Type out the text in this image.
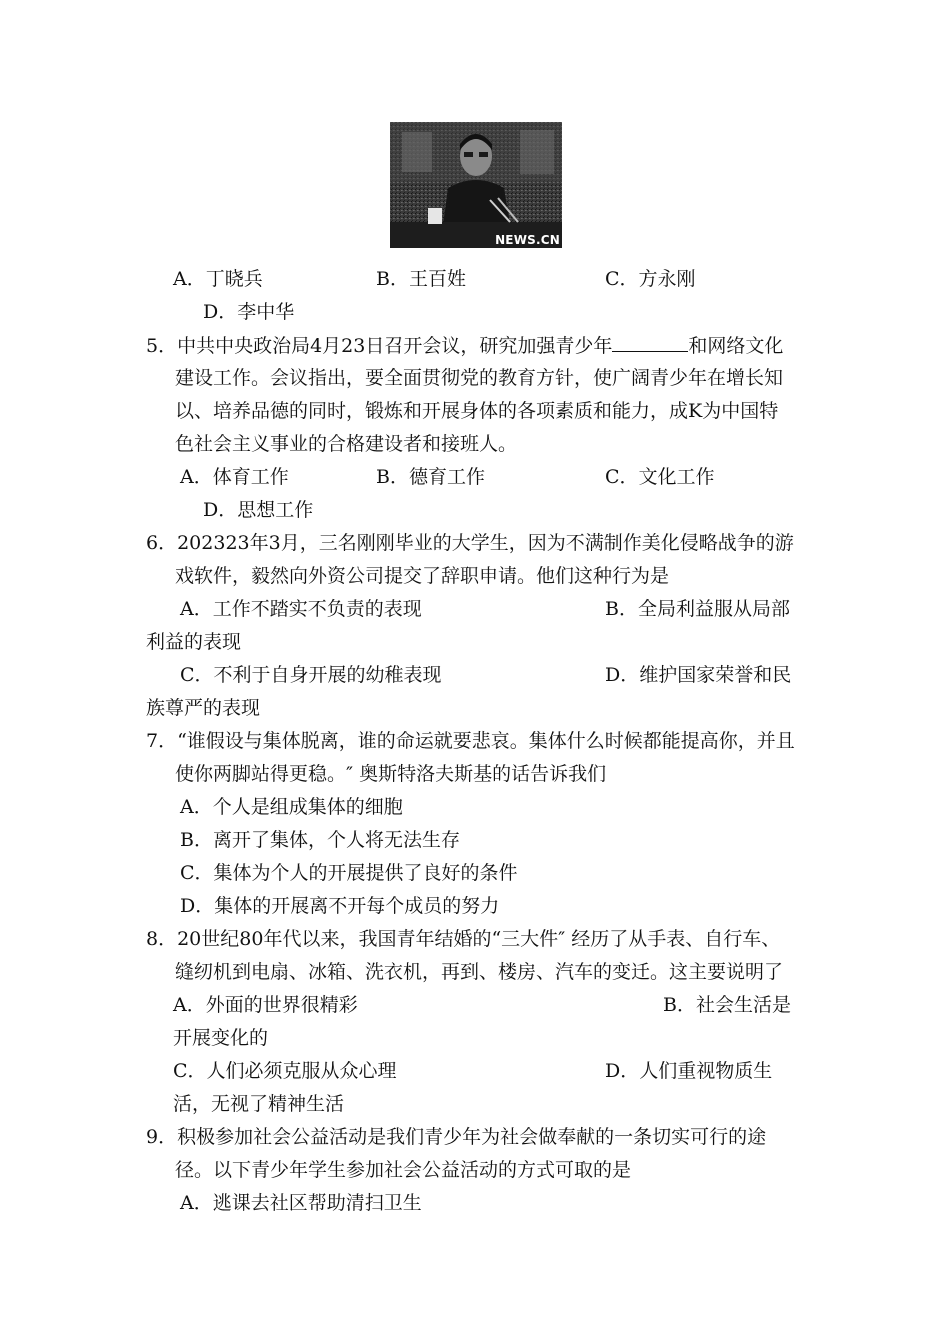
NEWS.CN
A．丁晓兵	B．王百姓	C．方永刚
D．李中华
5．中共中央政治局4月23日召开会议，研究加强青少年	和网络文化
建设工作。会议指出，要全面贯彻党的教育方针，使广阔青少年在增长知
以、培养品德的同时，锻炼和开展身体的各项素质和能力，成K为中国特
色社会主义事业的合格建设者和接班人。
A．体育工作	B．德育工作	C．文化工作
D．思想工作
6．202323年3月，三名刚刚毕业的大学生，因为不满制作美化侵略战争的游
戏软件，毅然向外资公司提交了辞职申请。他们这种行为是
A．工作不踏实不负责的表现	B．全局利益服从局部
利益的表现
C．不利于自身开展的幼稚表现	D．维护国家荣誉和民
族尊严的表现
7．“谁假设与集体脱离，谁的命运就要悲哀。集体什么时候都能提高你，并且
使你两脚站得更稳。″ 奥斯特洛夫斯基的话告诉我们
A．个人是组成集体的细胞
B．离开了集体，个人将无法生存
C．集体为个人的开展提供了良好的条件
D．集体的开展离不开每个成员的努力
8．20世纪80年代以来，我国青年结婚的“三大件″ 经历了从手表、自行车、
缝纫机到电扇、冰箱、洗衣机，再到、楼房、汽车的变迁。这主要说明了
A．外面的世界很精彩	B．社会生活是
开展变化的
C．人们必须克服从众心理	D．人们重视物质生
活，无视了精神生活
9．积极参加社会公益活动是我们青少年为社会做奉献的一条切实可行的途
径。以下青少年学生参加社会公益活动的方式可取的是
A．逃课去社区帮助清扫卫生
